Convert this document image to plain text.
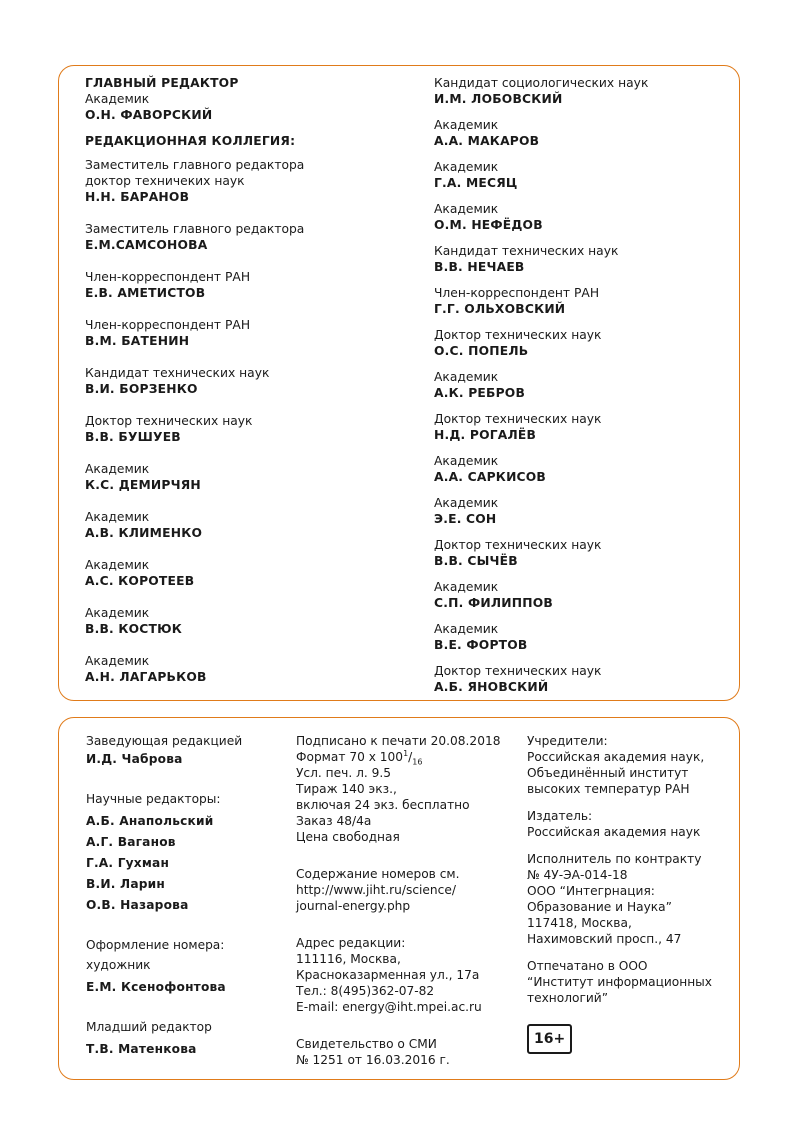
ГЛАВНЫЙ РЕДАКТОР
Академик
О.Н. ФАВОРСКИЙ
РЕДАКЦИОННАЯ КОЛЛЕГИЯ:
Заместитель главного редактора
доктор техничеких наук
Н.Н. БАРАНОВ
Заместитель главного редактора
Е.М.САМСОНОВА
Член-корреспондент РАН
Е.В. АМЕТИСТОВ
Член-корреспондент РАН
В.М. БАТЕНИН
Кандидат технических наук
В.И. БОРЗЕНКО
Доктор технических наук
В.В. БУШУЕВ
Академик
К.С. ДЕМИРЧЯН
Академик
А.В. КЛИМЕНКО
Академик
А.С. КОРОТЕЕВ
Академик
В.В. КОСТЮК
Академик
А.Н. ЛАГАРЬКОВ
Кандидат социологических наук
И.М. ЛОБОВСКИЙ
Академик
А.А. МАКАРОВ
Академик
Г.А. МЕСЯЦ
Академик
О.М. НЕФЁДОВ
Кандидат технических наук
В.В. НЕЧАЕВ
Член-корреспондент РАН
Г.Г. ОЛЬХОВСКИЙ
Доктор технических наук
О.С. ПОПЕЛЬ
Академик
А.К. РЕБРОВ
Доктор технических наук
Н.Д. РОГАЛЁВ
Академик
А.А. САРКИСОВ
Академик
Э.Е. СОН
Доктор технических наук
В.В. СЫЧЁВ
Академик
С.П. ФИЛИППОВ
Академик
В.Е. ФОРТОВ
Доктор технических наук
А.Б. ЯНОВСКИЙ
Заведующая редакцией
И.Д. Чаброва
Научные редакторы:
А.Б. Анапольский
А.Г. Ваганов
Г.А. Гухман
В.И. Ларин
О.В. Назарова
Оформление номера:
художник
Е.М. Ксенофонтова
Младший редактор
Т.В. Матенкова
Подписано к печати 20.08.2018
Формат 70 х $100^1/_{16}$
Усл. печ. л. 9.5
Тираж 140 экз.,
включая 24 экз. бесплатно
Заказ 48/4а
Цена свободная
Содержание номеров см.
http://www.jiht.ru/science/
journal-energy.php
Адрес редакции:
111116, Москва,
Красноказарменная ул., 17а
Тел.: 8(495)362-07-82
E-mail: energy@iht.mpei.ac.ru
Свидетельство о СМИ
№ 1251 от 16.03.2016 г.
Учредители:
Российская академия наук,
Объединённый институт
высоких температур РАН
Издатель:
Российская академия наук
Исполнитель по контракту
№ 4У-ЭА-014-18
ООО “Интегрнация:
Образование и Наука”
117418, Москва,
Нахимовский просп., 47
Отпечатано в ООО
“Институт информационных
технологий”
16+
